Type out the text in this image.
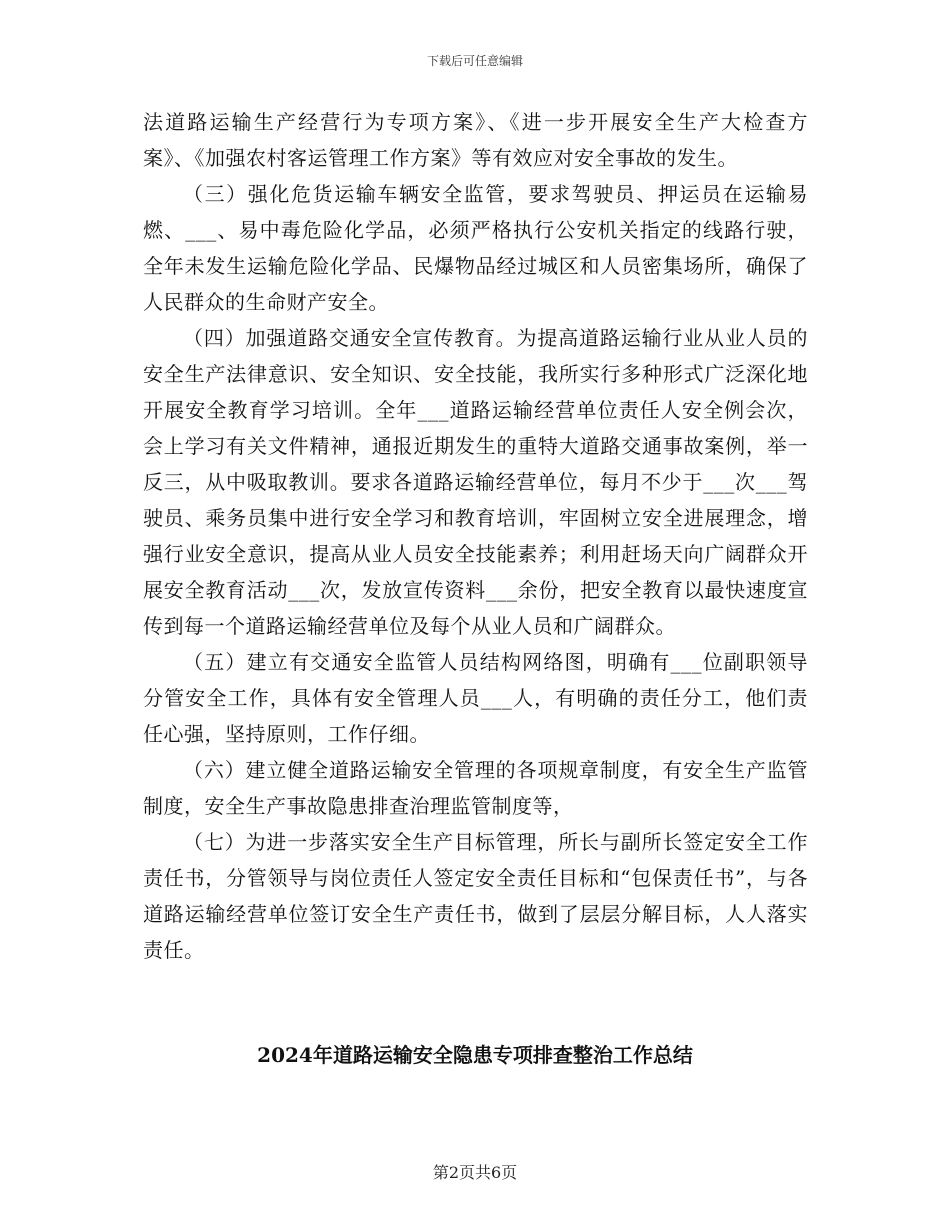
下载后可任意编辑

法道路运输生产经营行为专项方案》、《进一步开展安全生产大检查方案》、《加强农村客运管理工作方案》等有效应对安全事故的发生。

（三）强化危货运输车辆安全监管，要求驾驶员、押运员在运输易燃、___、易中毒危险化学品，必须严格执行公安机关指定的线路行驶，全年未发生运输危险化学品、民爆物品经过城区和人员密集场所，确保了人民群众的生命财产安全。

（四）加强道路交通安全宣传教育。为提高道路运输行业从业人员的安全生产法律意识、安全知识、安全技能，我所实行多种形式广泛深化地开展安全教育学习培训。全年___道路运输经营单位责任人安全例会次，会上学习有关文件精神，通报近期发生的重特大道路交通事故案例，举一反三，从中吸取教训。要求各道路运输经营单位，每月不少于___次___驾驶员、乘务员集中进行安全学习和教育培训，牢固树立安全进展理念，增强行业安全意识，提高从业人员安全技能素养；利用赶场天向广阔群众开展安全教育活动___次，发放宣传资料___余份，把安全教育以最快速度宣传到每一个道路运输经营单位及每个从业人员和广阔群众。

（五）建立有交通安全监管人员结构网络图，明确有___位副职领导分管安全工作，具体有安全管理人员___人，有明确的责任分工，他们责任心强，坚持原则，工作仔细。

（六）建立健全道路运输安全管理的各项规章制度，有安全生产监管制度，安全生产事故隐患排查治理监管制度等，

（七）为进一步落实安全生产目标管理，所长与副所长签定安全工作责任书，分管领导与岗位责任人签定安全责任目标和“包保责任书”，与各道路运输经营单位签订安全生产责任书，做到了层层分解目标，人人落实责任。

2024年道路运输安全隐患专项排查整治工作总结
第2页共6页
